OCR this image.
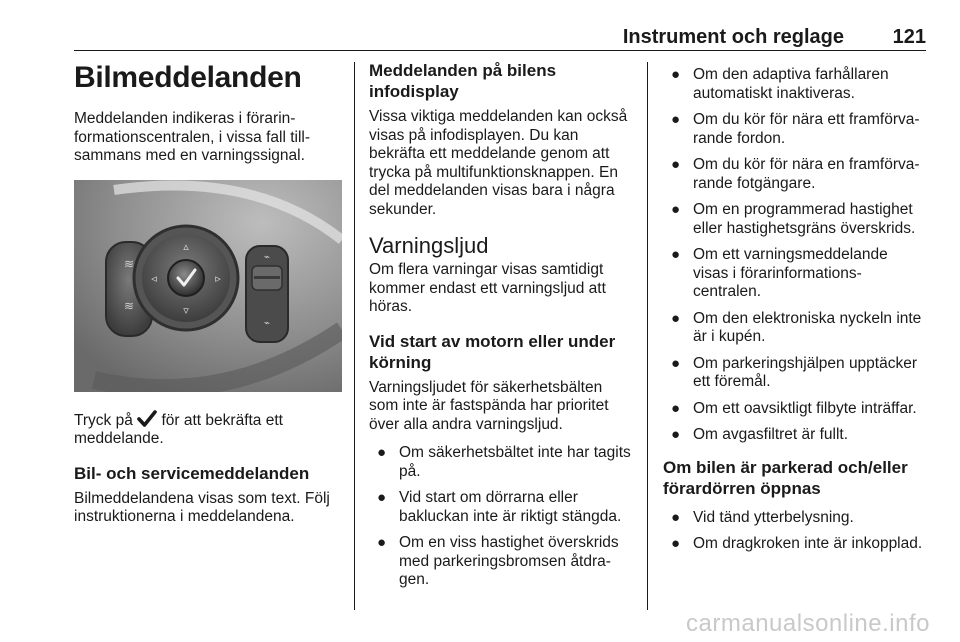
Instrument och reglage 121
Bilmeddelanden
Meddelanden indikeras i förarin-formationscentralen, i vissa fall till-sammans med en varningssignal.
≋
≋
▵
▿
◃	▹
⌁
⌁
Tryck på för att bekräfta ett meddelande.
Bil- och servicemeddelanden
Bilmeddelandena visas som text. Följ instruktionerna i meddelandena.
Meddelanden på bilens infodisplay
Vissa viktiga meddelanden kan också visas på infodisplayen. Du kan bekräfta ett meddelande genom att trycka på multifunktionsknappen. En del meddelanden visas bara i några sekunder.
Varningsljud
Om flera varningar visas samtidigt kommer endast ett varningsljud att höras.
Vid start av motorn eller under körning
Varningsljudet för säkerhetsbälten som inte är fastspända har prioritet över alla andra varningsljud.
● Om säkerhetsbältet inte har tagits på.
● Vid start om dörrarna eller bakluckan inte är riktigt stängda.
● Om en viss hastighet överskrids med parkeringsbromsen åtdra-gen.
● Om den adaptiva farhållaren automatiskt inaktiveras.
● Om du kör för nära ett framförva-rande fordon.
● Om du kör för nära en framförva-rande fotgängare.
● Om en programmerad hastighet eller hastighetsgräns överskrids.
● Om ett varningsmeddelande visas i förarinformations-centralen.
● Om den elektroniska nyckeln inte är i kupén.
● Om parkeringshjälpen upptäcker ett föremål.
● Om ett oavsiktligt filbyte inträffar.
● Om avgasfiltret är fullt.
Om bilen är parkerad och/eller förardörren öppnas
● Vid tänd ytterbelysning.
● Om dragkroken inte är inkopplad.
carmanualsonline.info
